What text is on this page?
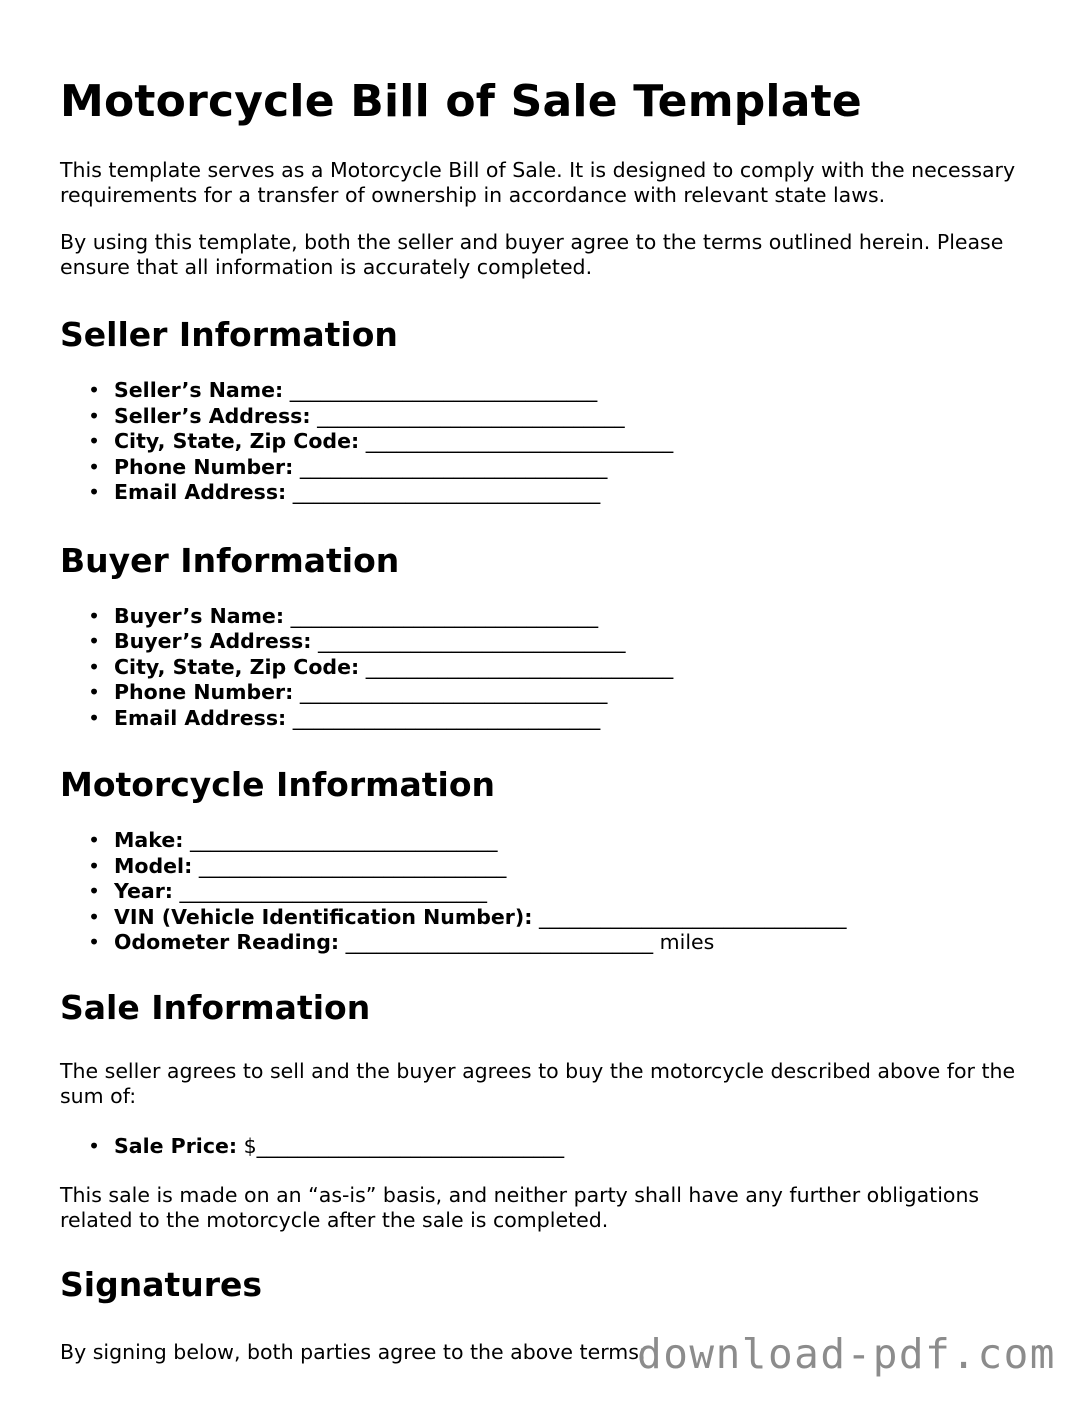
Motorcycle Bill of Sale Template

This template serves as a Motorcycle Bill of Sale. It is designed to comply with the necessary requirements for a transfer of ownership in accordance with relevant state laws.

By using this template, both the seller and buyer agree to the terms outlined herein. Please ensure that all information is accurately completed.

Seller Information
• Seller’s Name: ______________________________
• Seller’s Address: ______________________________
• City, State, Zip Code: ______________________________
• Phone Number: ______________________________
• Email Address: ______________________________
Buyer Information
• Buyer’s Name: ______________________________
• Buyer’s Address: ______________________________
• City, State, Zip Code: ______________________________
• Phone Number: ______________________________
• Email Address: ______________________________
Motorcycle Information
• Make: ______________________________
• Model: ______________________________
• Year: ______________________________
• VIN (Vehicle Identification Number): ______________________________
• Odometer Reading: ______________________________ miles
Sale Information

The seller agrees to sell and the buyer agrees to buy the motorcycle described above for the sum of:

• Sale Price: $______________________________

This sale is made on an “as-is” basis, and neither party shall have any further obligations related to the motorcycle after the sale is completed.

Signatures

By signing below, both parties agree to the above terms:

download-pdf.com
